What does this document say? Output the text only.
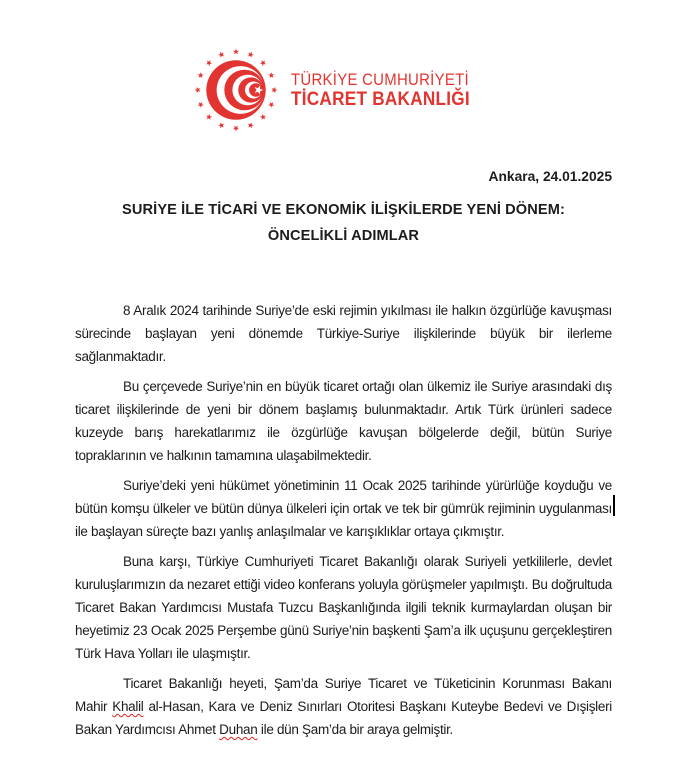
TÜRKİYE CUMHURİYETİ
TİCARET BAKANLIĞI
Ankara, 24.01.2025
SURİYE İLE TİCARİ VE EKONOMİK İLİŞKİLERDE YENİ DÖNEM:
ÖNCELİKLİ ADIMLAR

8 Aralık 2024 tarihinde Suriye’de eski rejimin yıkılması ile halkın özgürlüğe kavuşması sürecinde başlayan yeni dönemde Türkiye-Suriye ilişkilerinde büyük bir ilerleme sağlanmaktadır.

Bu çerçevede Suriye’nin en büyük ticaret ortağı olan ülkemiz ile Suriye arasındaki dış ticaret ilişkilerinde de yeni bir dönem başlamış bulunmaktadır. Artık Türk ürünleri sadece kuzeyde barış harekatlarımız ile özgürlüğe kavuşan bölgelerde değil, bütün Suriye topraklarının ve halkının tamamına ulaşabilmektedir.

Suriye’deki yeni hükümet yönetiminin 11 Ocak 2025 tarihinde yürürlüğe koyduğu ve bütün komşu ülkeler ve bütün dünya ülkeleri için ortak ve tek bir gümrük rejiminin uygulanması ile başlayan süreçte bazı yanlış anlaşılmalar ve karışıklıklar ortaya çıkmıştır.

Buna karşı, Türkiye Cumhuriyeti Ticaret Bakanlığı olarak Suriyeli yetkililerle, devlet kuruluşlarımızın da nezaret ettiği video konferans yoluyla görüşmeler yapılmıştı. Bu doğrultuda Ticaret Bakan Yardımcısı Mustafa Tuzcu Başkanlığında ilgili teknik kurmaylardan oluşan bir heyetimiz 23 Ocak 2025 Perşembe günü Suriye’nin başkenti Şam’a ilk uçuşunu gerçekleştiren Türk Hava Yolları ile ulaşmıştır.

Ticaret Bakanlığı heyeti, Şam’da Suriye Ticaret ve Tüketicinin Korunması Bakanı Mahir Khalil al-Hasan, Kara ve Deniz Sınırları Otoritesi Başkanı Kuteybe Bedevi ve Dışişleri Bakan Yardımcısı Ahmet Duhan ile dün Şam’da bir araya gelmiştir.
